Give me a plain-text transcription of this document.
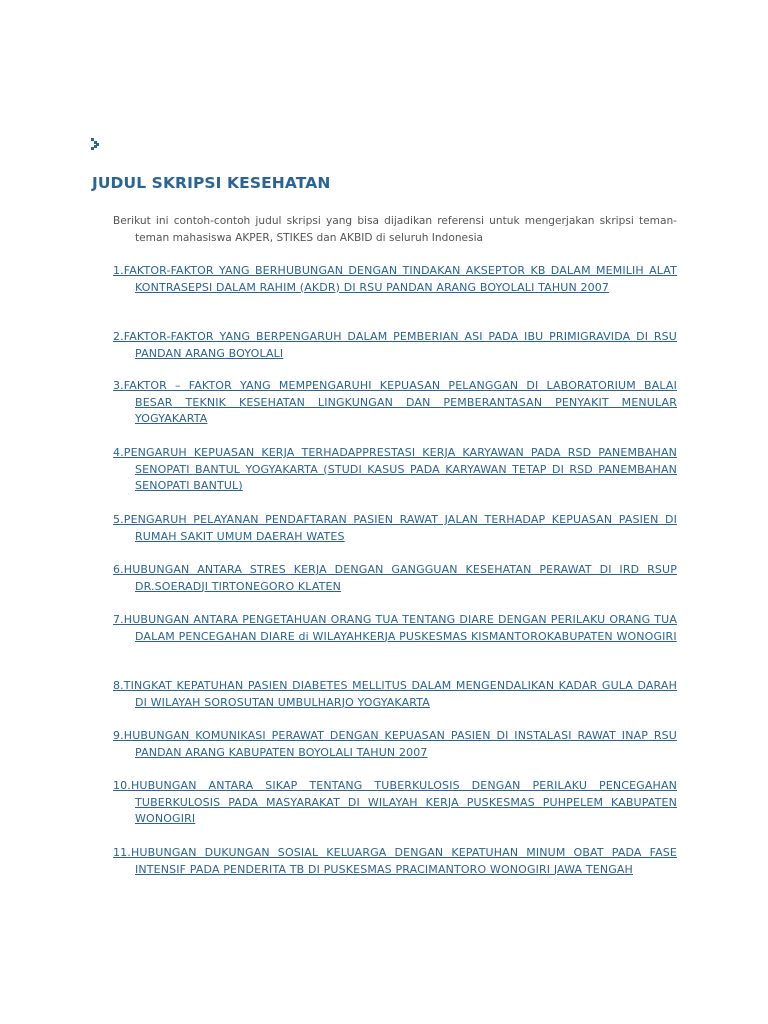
JUDUL SKRIPSI KESEHATAN

Berikut ini contoh-contoh judul skripsi yang bisa dijadikan referensi untuk mengerjakan skripsi teman-teman mahasiswa AKPER, STIKES dan AKBID di seluruh Indonesia

1.FAKTOR-FAKTOR YANG BERHUBUNGAN DENGAN TINDAKAN AKSEPTOR KB DALAM MEMILIH ALAT KONTRASEPSI DALAM RAHIM (AKDR) DI RSU PANDAN ARANG BOYOLALI TAHUN 2007
2.FAKTOR-FAKTOR YANG BERPENGARUH DALAM PEMBERIAN ASI PADA IBU PRIMIGRAVIDA DI RSU PANDAN ARANG BOYOLALI
3.FAKTOR – FAKTOR YANG MEMPENGARUHI KEPUASAN PELANGGAN DI LABORATORIUM BALAI BESAR TEKNIK KESEHATAN LINGKUNGAN DAN PEMBERANTASAN PENYAKIT MENULAR YOGYAKARTA
4.PENGARUH KEPUASAN KERJA TERHADAPPRESTASI KERJA KARYAWAN PADA RSD PANEMBAHAN SENOPATI BANTUL YOGYAKARTA (STUDI KASUS PADA KARYAWAN TETAP DI RSD PANEMBAHAN SENOPATI BANTUL)
5.PENGARUH PELAYANAN PENDAFTARAN PASIEN RAWAT JALAN TERHADAP KEPUASAN PASIEN DI RUMAH SAKIT UMUM DAERAH WATES
6.HUBUNGAN ANTARA STRES KERJA DENGAN GANGGUAN KESEHATAN PERAWAT DI IRD RSUP DR.SOERADJI TIRTONEGORO KLATEN
7.HUBUNGAN ANTARA PENGETAHUAN ORANG TUA TENTANG DIARE DENGAN PERILAKU ORANG TUA DALAM PENCEGAHAN DIARE di WILAYAHKERJA PUSKESMAS KISMANTOROKABUPATEN WONOGIRI
8.TINGKAT KEPATUHAN PASIEN DIABETES MELLITUS DALAM MENGENDALIKAN KADAR GULA DARAH DI WILAYAH SOROSUTAN UMBULHARJO YOGYAKARTA
9.HUBUNGAN KOMUNIKASI PERAWAT DENGAN KEPUASAN PASIEN DI INSTALASI RAWAT INAP RSU PANDAN ARANG KABUPATEN BOYOLALI TAHUN 2007
10.HUBUNGAN ANTARA SIKAP TENTANG TUBERKULOSIS DENGAN PERILAKU PENCEGAHAN TUBERKULOSIS PADA MASYARAKAT DI WILAYAH KERJA PUSKESMAS PUHPELEM KABUPATEN WONOGIRI
11.HUBUNGAN DUKUNGAN SOSIAL KELUARGA DENGAN KEPATUHAN MINUM OBAT PADA FASE INTENSIF PADA PENDERITA TB DI PUSKESMAS PRACIMANTORO WONOGIRI JAWA TENGAH
